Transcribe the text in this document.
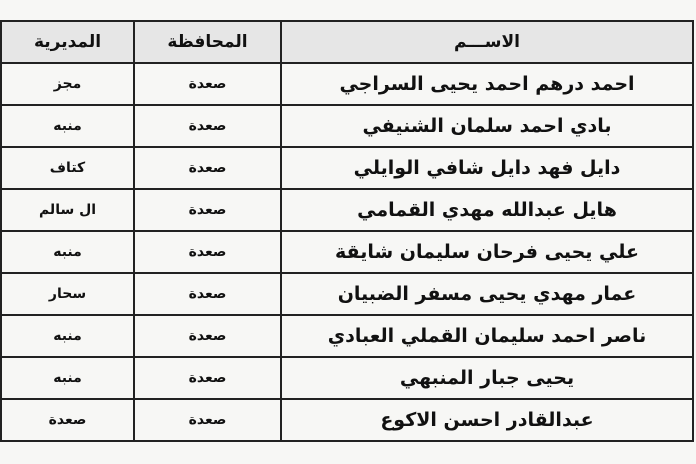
الاســـم	المحافظة	المديرية	
احمد درهم احمد يحيى السراجي	صعدة	مجز	
بادي احمد سلمان الشنيفي	صعدة	منبه	
دايل فهد دايل شافي الوايلي	صعدة	كتاف	
هايل عبدالله مهدي القمامي	صعدة	ال سالم	
علي يحيى فرحان سليمان شايقة	صعدة	منبه	
عمار مهدي يحيى مسفر الضبيان	صعدة	سحار	
ناصر احمد سليمان القملي العبادي	صعدة	منبه	
يحيى جبار المنبهي	صعدة	منبه	
عبدالقادر احسن الاكوع	صعدة	صعدة	
